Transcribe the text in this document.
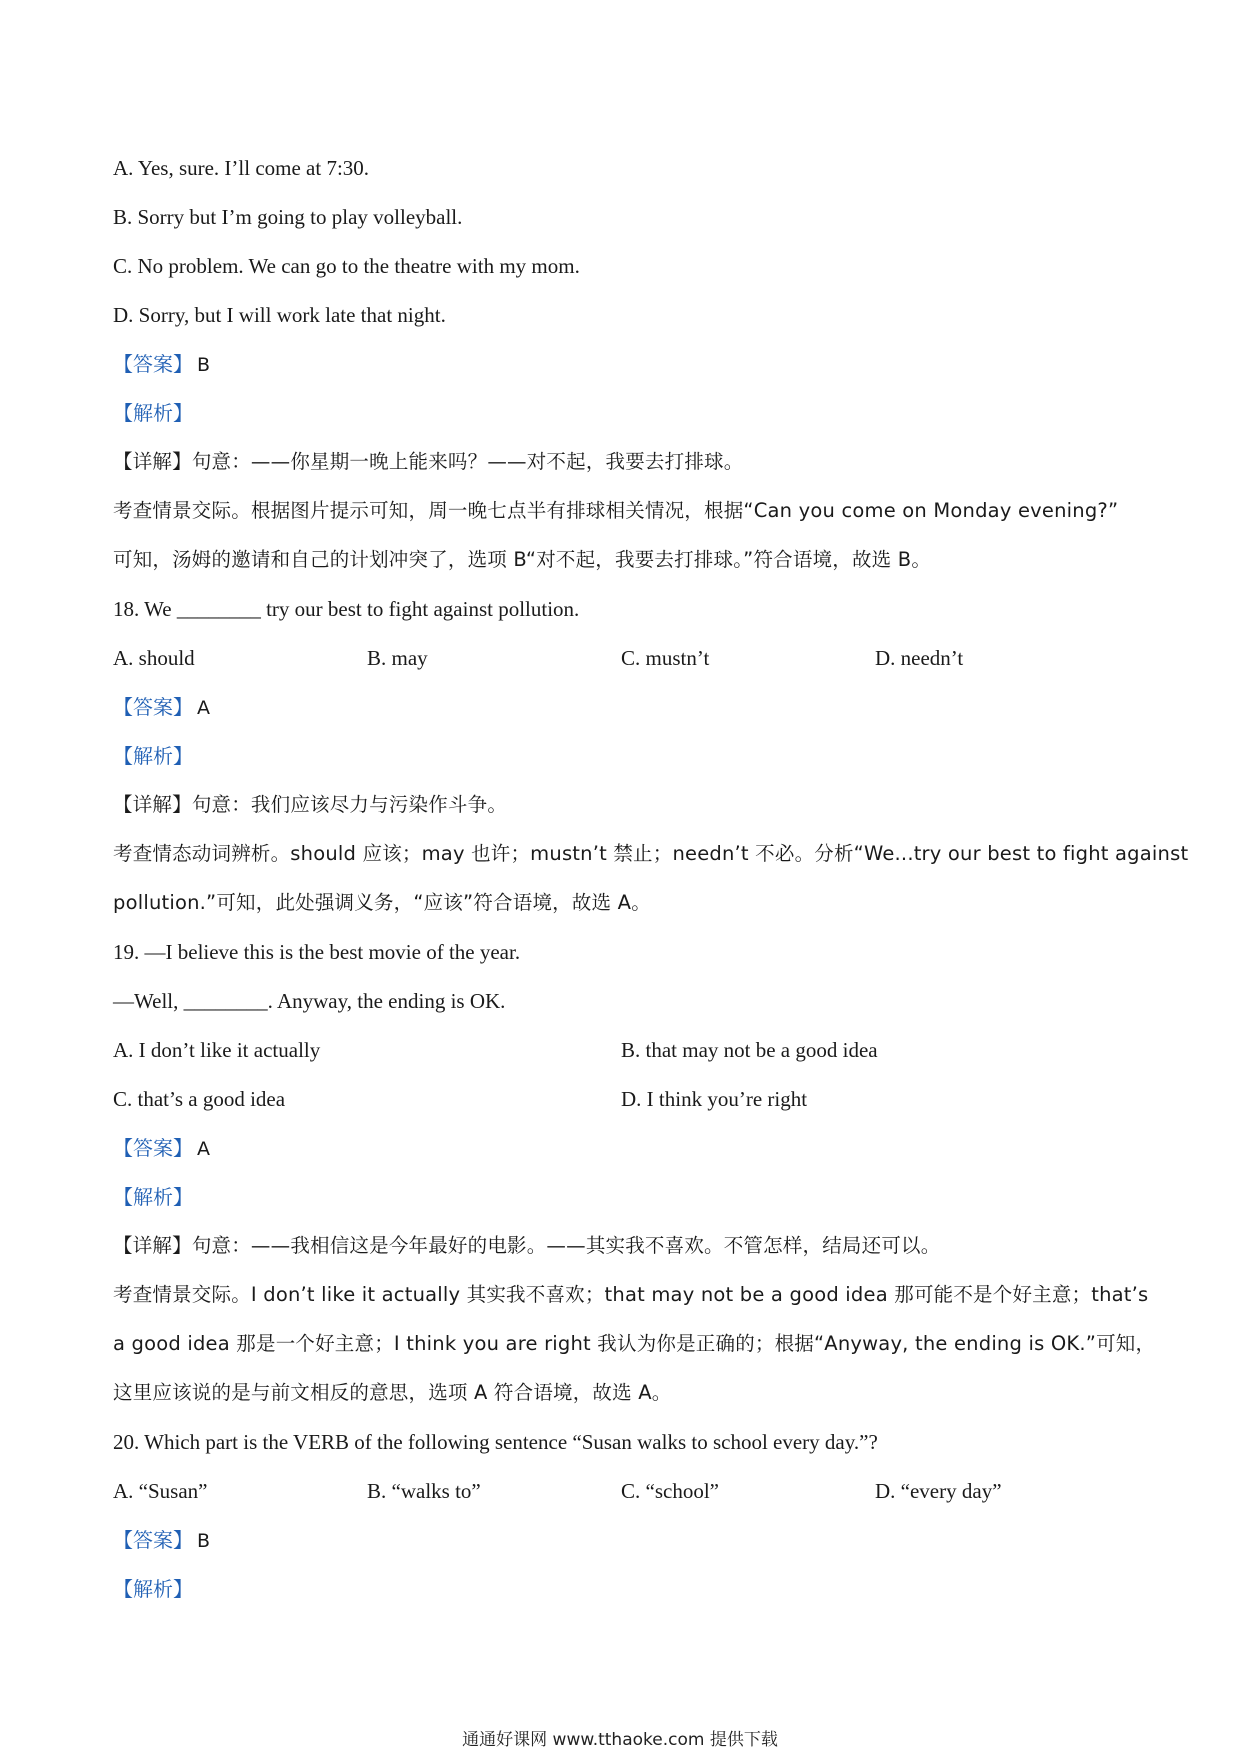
A. Yes, sure. I’ll come at 7:30.
B. Sorry but I’m going to play volleyball.
C. No problem. We can go to the theatre with my mom.
D. Sorry, but I will work late that night.
【答案】 B
【解析】
【详解】句意：——你星期一晚上能来吗？——对不起，我要去打排球。
考查情景交际。根据图片提示可知，周一晚七点半有排球相关情况，根据“Can you come on Monday evening?”
可知，汤姆的邀请和自己的计划冲突了，选项 B“对不起，我要去打排球。”符合语境，故选 B。
18. We ________ try our best to fight against pollution.
A. should	B. may	C. mustn’t	D. needn’t
【答案】 A
【解析】
【详解】句意：我们应该尽力与污染作斗争。
考查情态动词辨析。should 应该；may 也许；mustn’t 禁止；needn’t 不必。分析“We...try our best to fight against
pollution.”可知，此处强调义务，“应该”符合语境，故选 A。
19. —I believe this is the best movie of the year.
—Well, ________. Anyway, the ending is OK.
A. I don’t like it actually	B. that may not be a good idea
C. that’s a good idea	D. I think you’re right
【答案】 A
【解析】
【详解】句意：——我相信这是今年最好的电影。——其实我不喜欢。不管怎样，结局还可以。
考查情景交际。I don’t like it actually 其实我不喜欢；that may not be a good idea 那可能不是个好主意；that’s
a good idea 那是一个好主意；I think you are right 我认为你是正确的；根据“Anyway, the ending is OK.”可知，
这里应该说的是与前文相反的意思，选项 A 符合语境，故选 A。
20. Which part is the VERB of the following sentence “Susan walks to school every day.”?
A. “Susan”	B. “walks to”	C. “school”	D. “every day”
【答案】 B
【解析】
通通好课网 www.tthaoke.com 提供下载
